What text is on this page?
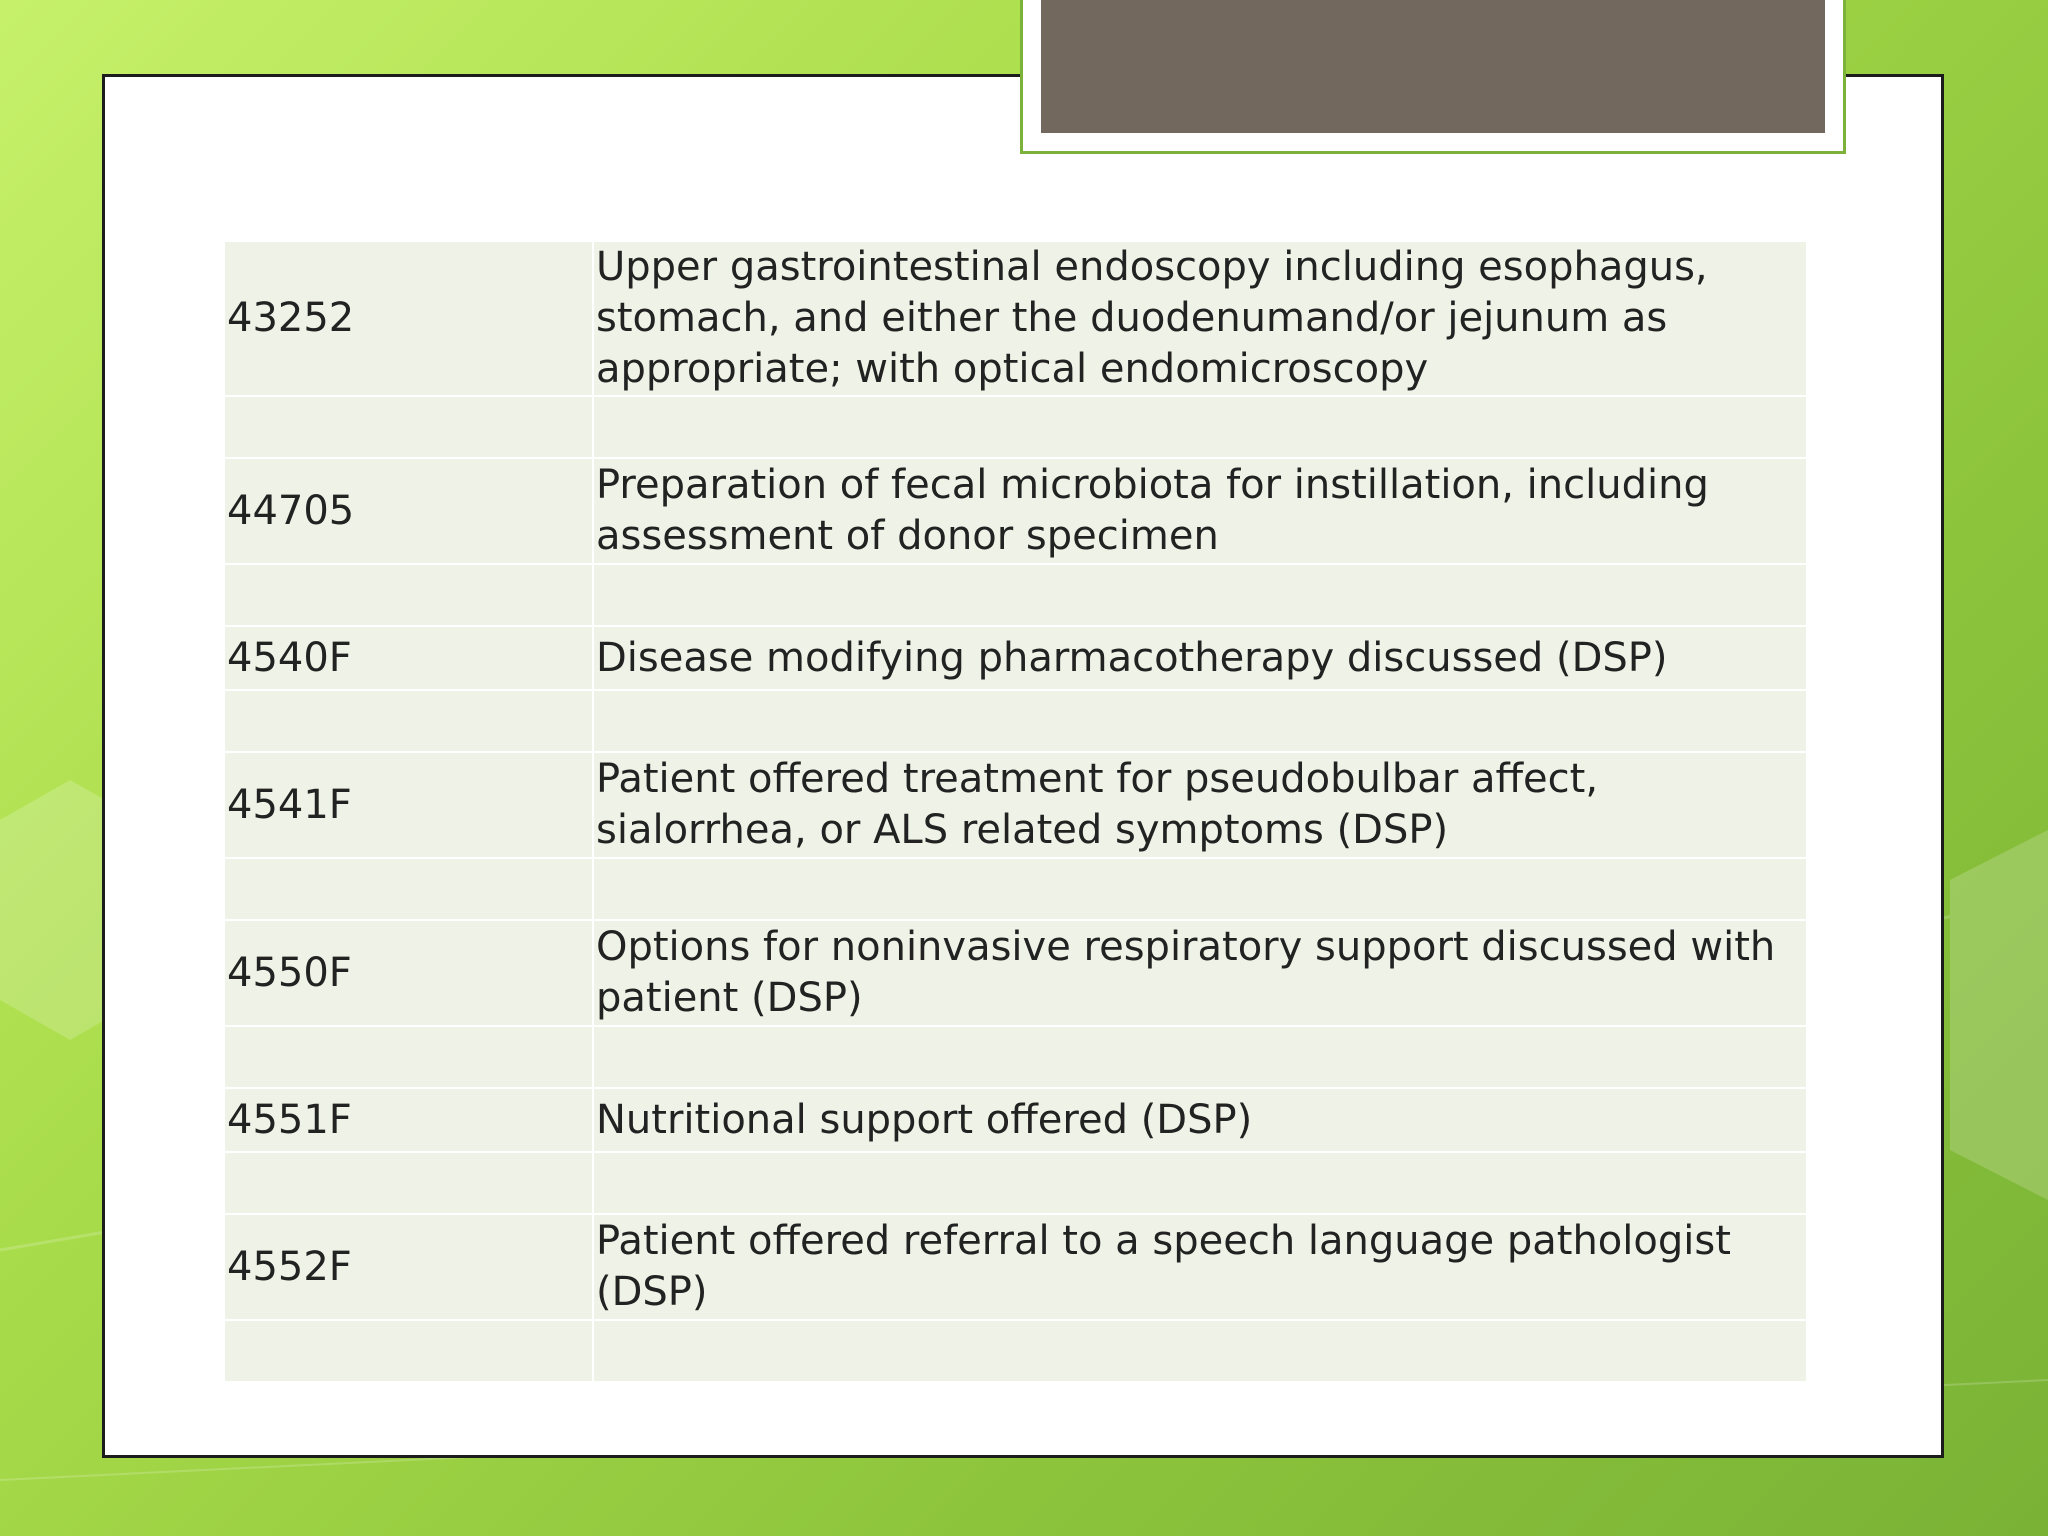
43252	Upper gastrointestinal endoscopy including esophagus, stomach, and either the duodenumand/or jejunum as appropriate; with optical endomicroscopy

44705	Preparation of fecal microbiota for instillation, including assessment of donor specimen

4540F	Disease modifying pharmacotherapy discussed (DSP)

4541F	Patient offered treatment for pseudobulbar affect, sialorrhea, or ALS related symptoms (DSP)

4550F	Options for noninvasive respiratory support discussed with patient (DSP)

4551F	Nutritional support offered (DSP)

4552F	Patient offered referral to a speech language pathologist (DSP)
